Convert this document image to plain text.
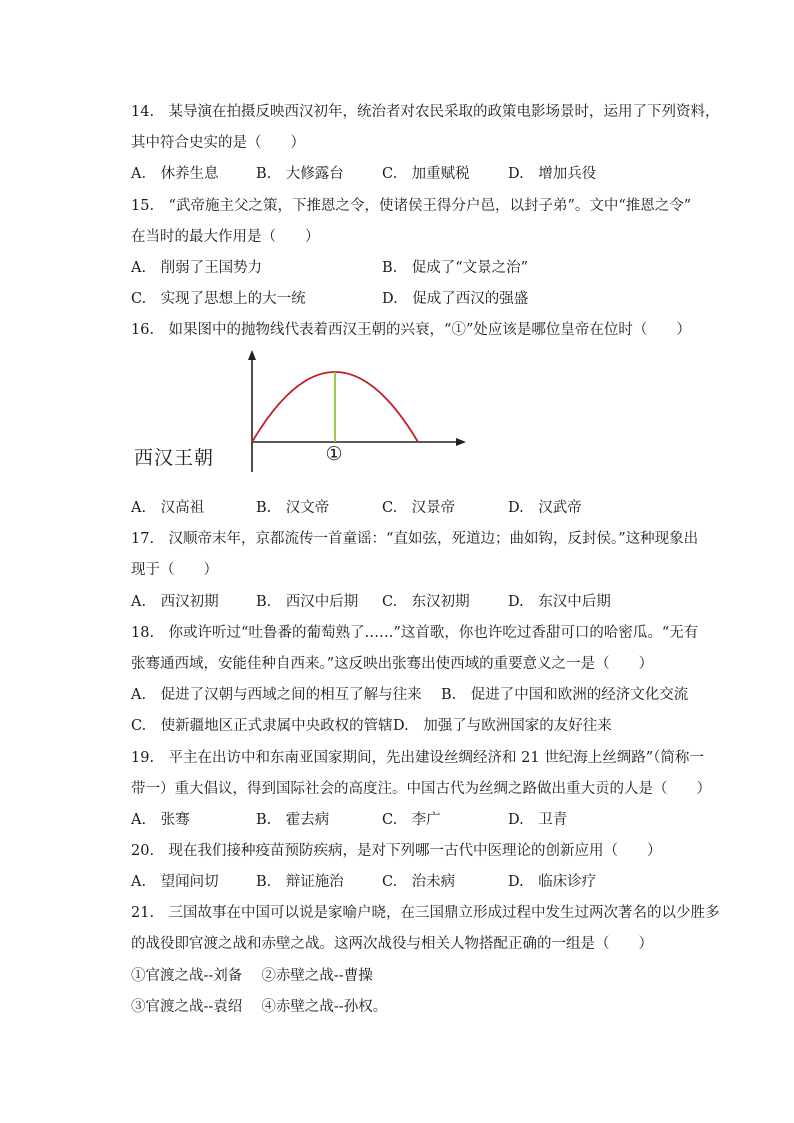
14.　某导演在拍摄反映西汉初年，统治者对农民采取的政策电影场景时，运用了下列资料，
其中符合史实的是（　　）
A.　休养生息	B.　大修露台	C.　加重赋税	D.　增加兵役
15.　“武帝施主父之策，下推恩之令，使诸侯王得分户邑，以封子弟”。文中“推恩之令”
在当时的最大作用是（　　）
A.　削弱了王国势力	B.　促成了“文景之治”
C.　实现了思想上的大一统	D.　促成了西汉的强盛
16.　如果图中的抛物线代表着西汉王朝的兴衰，“①”处应该是哪位皇帝在位时（　　）
西汉王朝	①
A.　汉高祖	B.　汉文帝	C.　汉景帝	D.　汉武帝
17.　汉顺帝末年，京都流传一首童谣：“直如弦，死道边；曲如钩，反封侯。”这种现象出
现于（　　）
A.　西汉初期	B.　西汉中后期 C.　东汉初期	D.　东汉中后期
18.　你或许听过“吐鲁番的葡萄熟了……”这首歌，你也许吃过香甜可口的哈密瓜。“无有
张骞通西域，安能佳种自西来。”这反映出张骞出使西域的重要意义之一是（　　）
A.　促进了汉朝与西域之间的相互了解与往来 B.　促进了中国和欧洲的经济文化交流
C.　使新疆地区正式隶属中央政权的管辖 D.　加强了与欧洲国家的友好往来
19.　平主在出访中和东南亚国家期间，先出建设丝绸经济和 21 世纪海上丝绸路”（简称一
带一）重大倡议，得到国际社会的高度注。中国古代为丝绸之路做出重大贡的人是（　　）
A.　张骞	B.　霍去病	C.　李广	D.　卫青
20.　现在我们接种疫苗预防疾病，是对下列哪一古代中医理论的创新应用（　　）
A.　望闻问切	B.　辩证施治	C.　治未病	D.　临床诊疗
21.　三国故事在中国可以说是家喻户晓，在三国鼎立形成过程中发生过两次著名的以少胜多
的战役即官渡之战和赤壁之战。这两次战役与相关人物搭配正确的一组是（　　）
①官渡之战--刘备　 ②赤壁之战--曹操
③官渡之战--袁绍　 ④赤壁之战--孙权。
